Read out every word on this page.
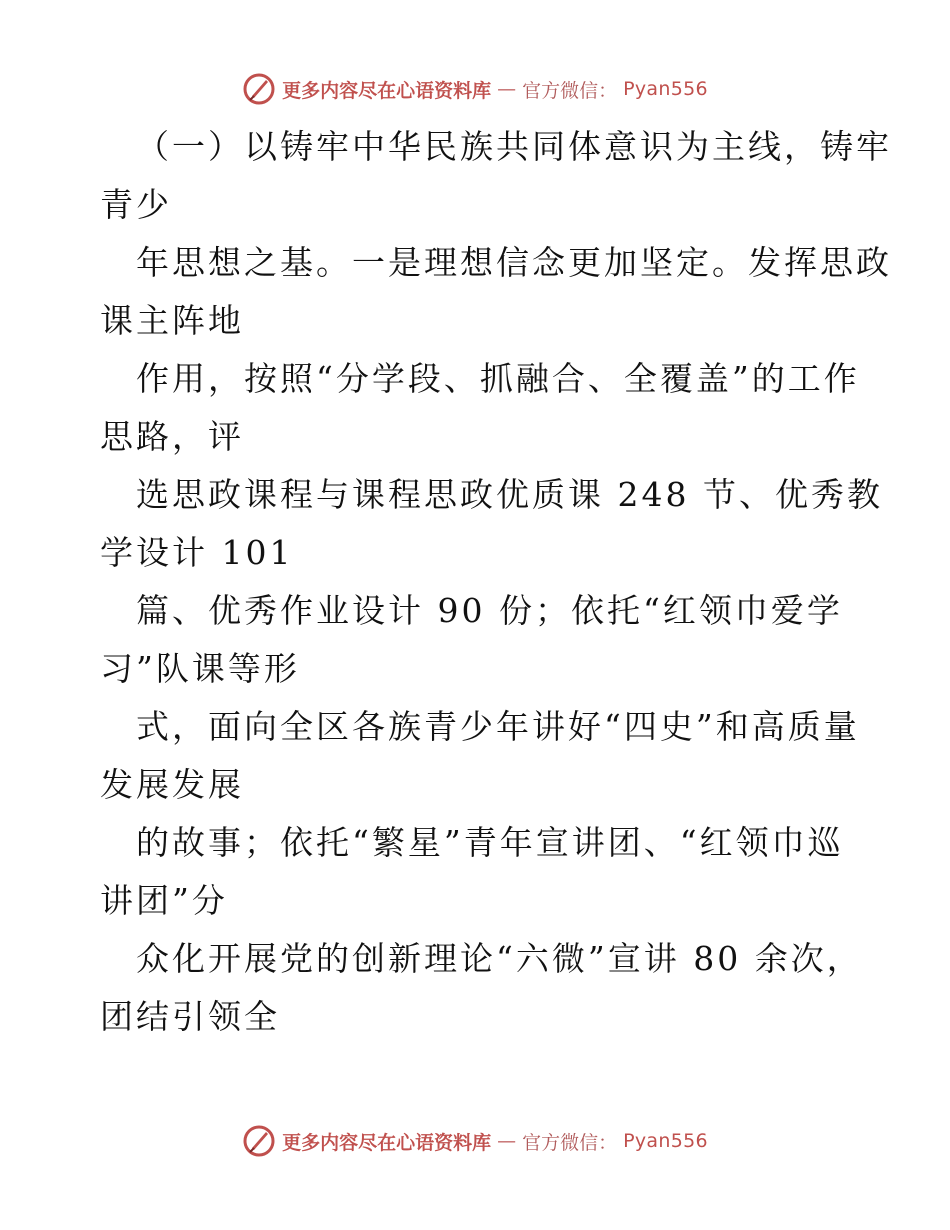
更多内容尽在心语资料库 — 官方微信： Pyan556

（一）以铸牢中华民族共同体意识为主线，铸牢
青少

年思想之基。一是理想信念更加坚定。发挥思政
课主阵地

作用，按照“分学段、抓融合、全覆盖”的工作
思路，评

选思政课程与课程思政优质课 248 节、优秀教
学设计 101

篇、优秀作业设计 90 份；依托“红领巾爱学
习”队课等形

式，面向全区各族青少年讲好“四史”和高质量
发展发展

的故事；依托“繁星”青年宣讲团、“红领巾巡
讲团”分

众化开展党的创新理论“六微”宣讲 80 余次，
团结引领全

更多内容尽在心语资料库 — 官方微信： Pyan556
